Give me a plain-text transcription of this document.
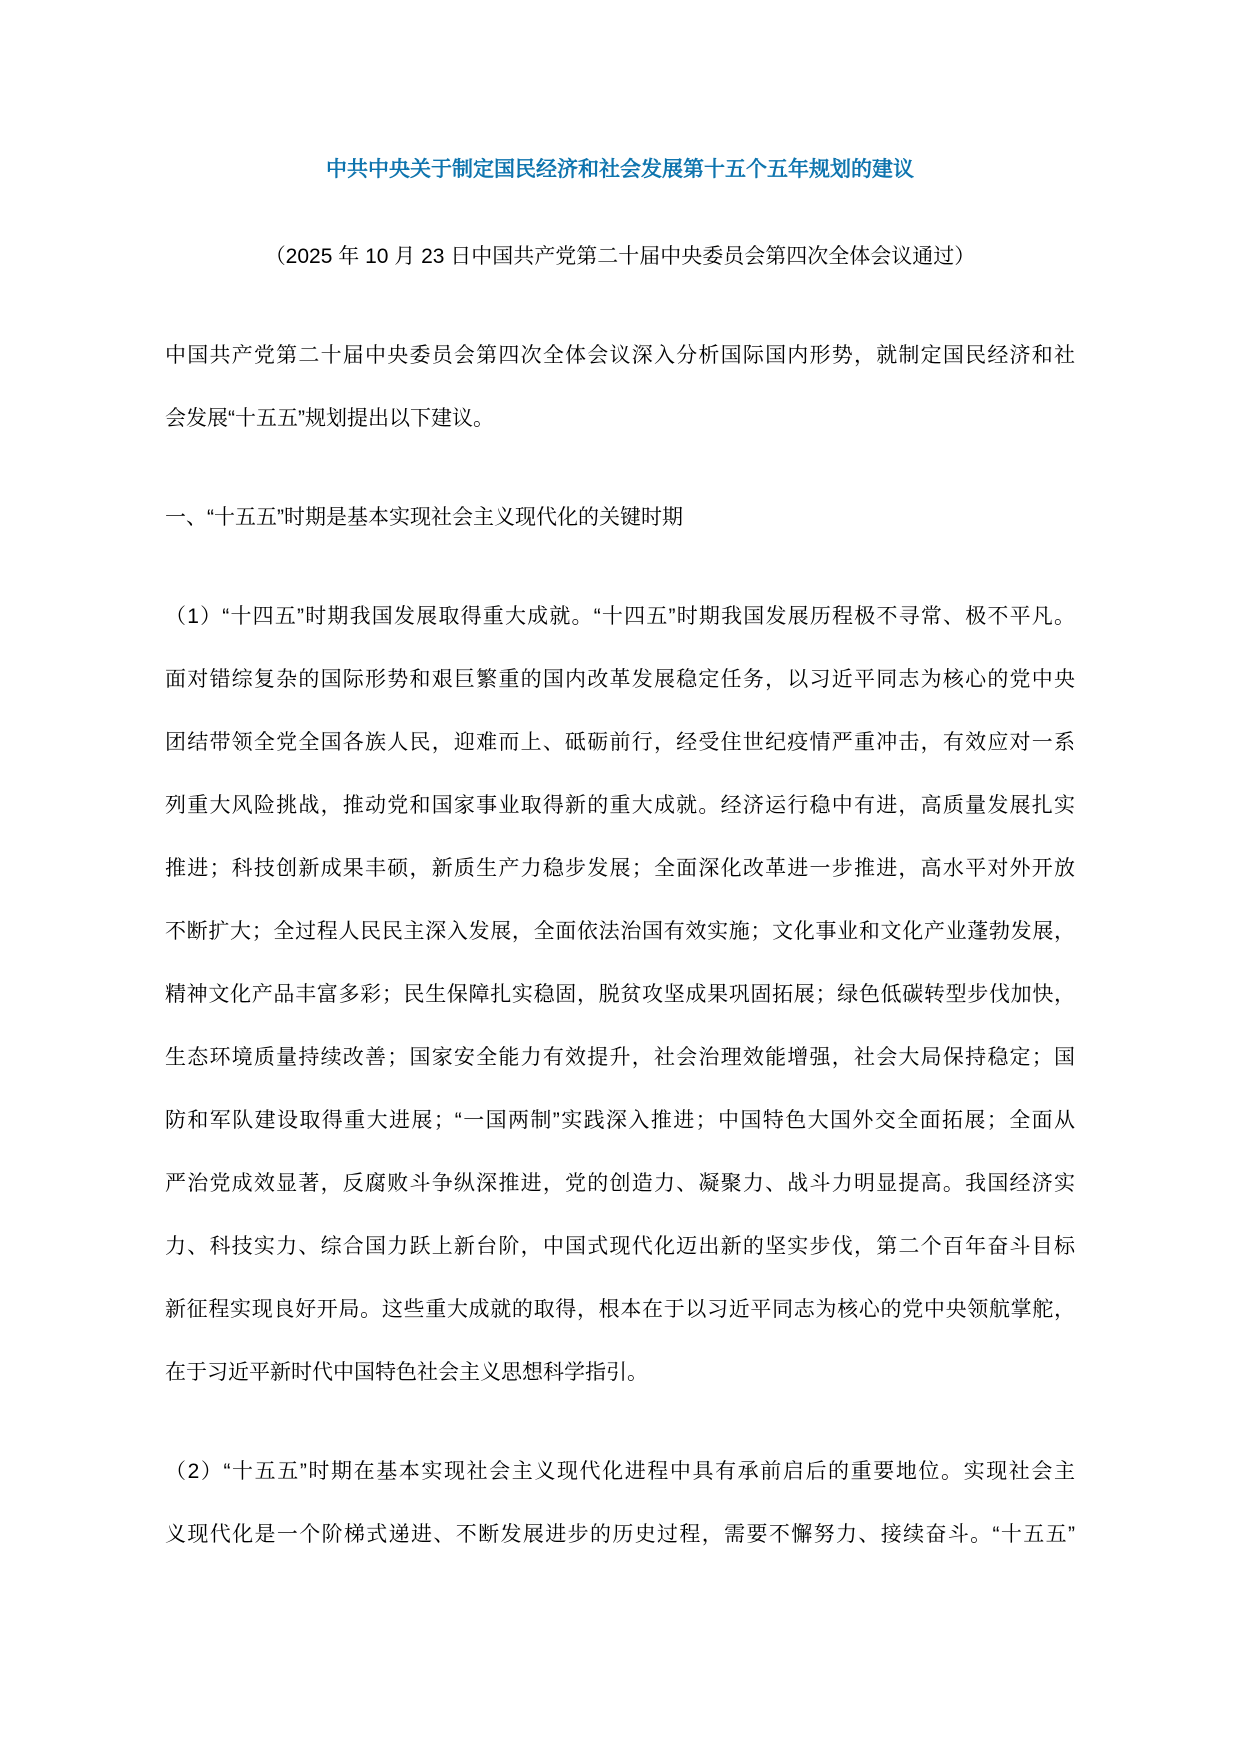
中共中央关于制定国民经济和社会发展第十五个五年规划的建议
（2025 年 10 月 23 日中国共产党第二十届中央委员会第四次全体会议通过）
中国共产党第二十届中央委员会第四次全体会议深入分析国际国内形势，就制定国民经济和社
会发展“十五五”规划提出以下建议。
一、“十五五”时期是基本实现社会主义现代化的关键时期
（1）“十四五”时期我国发展取得重大成就。“十四五”时期我国发展历程极不寻常、极不平凡。
面对错综复杂的国际形势和艰巨繁重的国内改革发展稳定任务，以习近平同志为核心的党中央
团结带领全党全国各族人民，迎难而上、砥砺前行，经受住世纪疫情严重冲击，有效应对一系
列重大风险挑战，推动党和国家事业取得新的重大成就。经济运行稳中有进，高质量发展扎实
推进；科技创新成果丰硕，新质生产力稳步发展；全面深化改革进一步推进，高水平对外开放
不断扩大；全过程人民民主深入发展，全面依法治国有效实施；文化事业和文化产业蓬勃发展，
精神文化产品丰富多彩；民生保障扎实稳固，脱贫攻坚成果巩固拓展；绿色低碳转型步伐加快，
生态环境质量持续改善；国家安全能力有效提升，社会治理效能增强，社会大局保持稳定；国
防和军队建设取得重大进展；“一国两制”实践深入推进；中国特色大国外交全面拓展；全面从
严治党成效显著，反腐败斗争纵深推进，党的创造力、凝聚力、战斗力明显提高。我国经济实
力、科技实力、综合国力跃上新台阶，中国式现代化迈出新的坚实步伐，第二个百年奋斗目标
新征程实现良好开局。这些重大成就的取得，根本在于以习近平同志为核心的党中央领航掌舵，
在于习近平新时代中国特色社会主义思想科学指引。
（2）“十五五”时期在基本实现社会主义现代化进程中具有承前启后的重要地位。实现社会主
义现代化是一个阶梯式递进、不断发展进步的历史过程，需要不懈努力、接续奋斗。“十五五”
